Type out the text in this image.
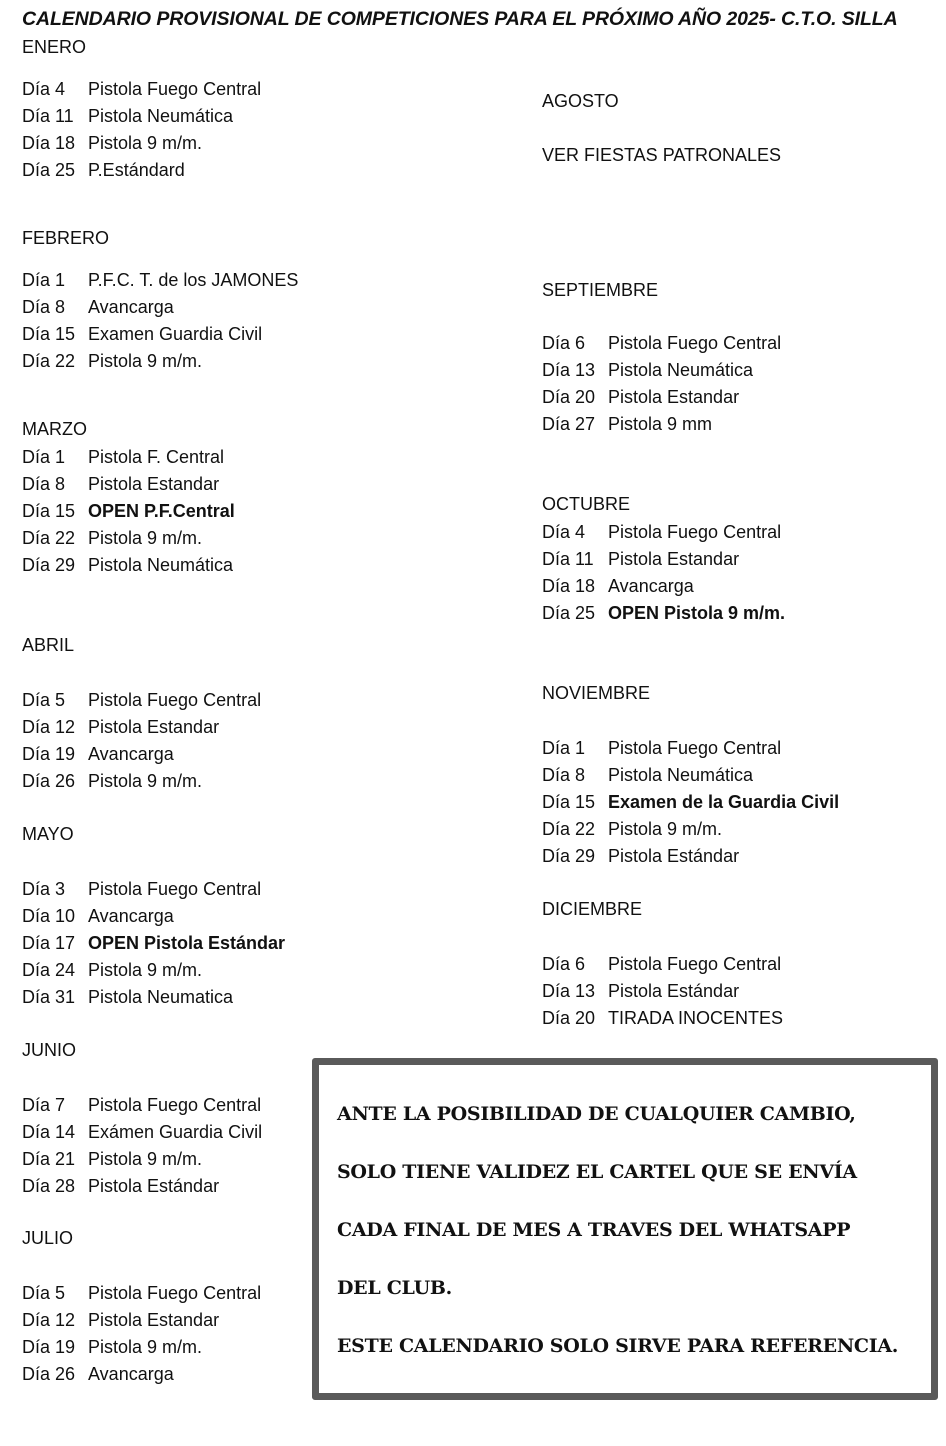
CALENDARIO PROVISIONAL DE COMPETICIONES PARA EL PRÓXIMO AÑO 2025- C.T.O. SILLA
ENERO
Día 4 Pistola Fuego Central
Día 11 Pistola Neumática
Día 18 Pistola 9 m/m.
Día 25 P.Estándard
FEBRERO
Día 1 P.F.C. T. de los JAMONES
Día 8 Avancarga
Día 15 Examen Guardia Civil
Día 22 Pistola 9 m/m.
MARZO
Día 1 Pistola F. Central
Día 8 Pistola Estandar
Día 15 OPEN P.F.Central
Día 22 Pistola 9 m/m.
Día 29 Pistola Neumática
ABRIL
Día 5 Pistola Fuego Central
Día 12 Pistola Estandar
Día 19 Avancarga
Día 26 Pistola 9 m/m.
MAYO
Día 3 Pistola Fuego Central
Día 10 Avancarga
Día 17 OPEN Pistola Estándar
Día 24 Pistola 9 m/m.
Día 31 Pistola Neumatica
JUNIO
Día 7 Pistola Fuego Central
Día 14 Exámen Guardia Civil
Día 21 Pistola 9 m/m.
Día 28 Pistola Estándar
JULIO
Día 5 Pistola Fuego Central
Día 12 Pistola Estandar
Día 19 Pistola 9 m/m.
Día 26 Avancarga
AGOSTO
VER FIESTAS PATRONALES
SEPTIEMBRE
Día 6 Pistola Fuego Central
Día 13 Pistola Neumática
Día 20 Pistola Estandar
Día 27 Pistola 9 mm
OCTUBRE
Día 4 Pistola Fuego Central
Día 11 Pistola Estandar
Día 18 Avancarga
Día 25 OPEN Pistola 9 m/m.
NOVIEMBRE
Día 1 Pistola Fuego Central
Día 8 Pistola Neumática
Día 15 Examen de la Guardia Civil
Día 22 Pistola 9 m/m.
Día 29 Pistola Estándar
DICIEMBRE
Día 6 Pistola Fuego Central
Día 13 Pistola Estándar
Día 20 TIRADA INOCENTES
ANTE LA POSIBILIDAD DE CUALQUIER CAMBIO,
SOLO TIENE VALIDEZ EL CARTEL QUE SE ENVÍA
CADA FINAL DE MES A TRAVES DEL WHATSAPP
DEL CLUB.
ESTE CALENDARIO SOLO SIRVE PARA REFERENCIA.
